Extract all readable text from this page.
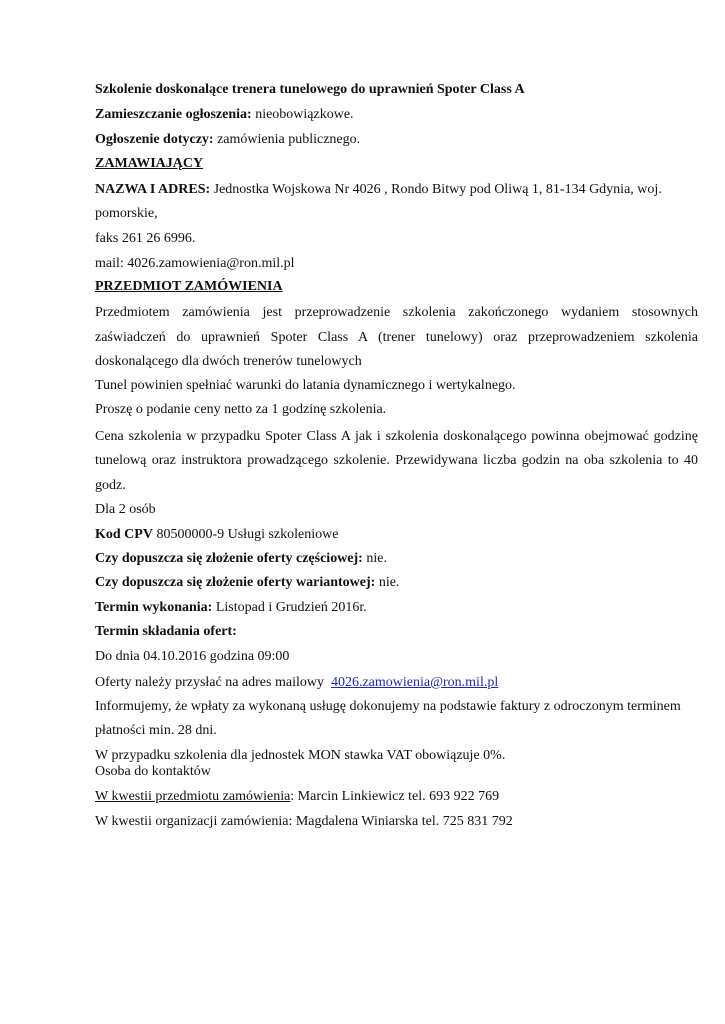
Szkolenie doskonalące trenera tunelowego do uprawnień Spoter Class A
Zamieszczanie ogłoszenia: nieobowiązkowe.
Ogłoszenie dotyczy: zamówienia publicznego.
ZAMAWIAJĄCY
NAZWA I ADRES: Jednostka Wojskowa Nr 4026 , Rondo Bitwy pod Oliwą 1, 81-134 Gdynia, woj.
pomorskie,
faks 261 26 6996.
mail: 4026.zamowienia@ron.mil.pl
PRZEDMIOT ZAMÓWIENIA
Przedmiotem zamówienia jest przeprowadzenie szkolenia zakończonego wydaniem stosownych
zaświadczeń do uprawnień Spoter Class A (trener tunelowy) oraz przeprowadzeniem szkolenia
doskonalącego dla dwóch trenerów tunelowych
Tunel powinien spełniać warunki do latania dynamicznego i wertykalnego.
Proszę o podanie ceny netto za 1 godzinę szkolenia.
Cena szkolenia w przypadku Spoter Class A jak i szkolenia doskonalącego powinna obejmować godzinę
tunelową oraz instruktora prowadzącego szkolenie. Przewidywana liczba godzin na oba szkolenia to 40
godz.
Dla 2 osób
Kod CPV 80500000-9 Usługi szkoleniowe
Czy dopuszcza się złożenie oferty częściowej: nie.
Czy dopuszcza się złożenie oferty wariantowej: nie.
Termin wykonania: Listopad i Grudzień 2016r.
Termin składania ofert:
Do dnia 04.10.2016 godzina 09:00
Oferty należy przysłać na adres mailowy 4026.zamowienia@ron.mil.pl
Informujemy, że wpłaty za wykonaną usługę dokonujemy na podstawie faktury z odroczonym terminem
płatności min. 28 dni.
W przypadku szkolenia dla jednostek MON stawka VAT obowiązuje 0%.
Osoba do kontaktów
W kwestii przedmiotu zamówienia: Marcin Linkiewicz tel. 693 922 769
W kwestii organizacji zamówienia: Magdalena Winiarska tel. 725 831 792
